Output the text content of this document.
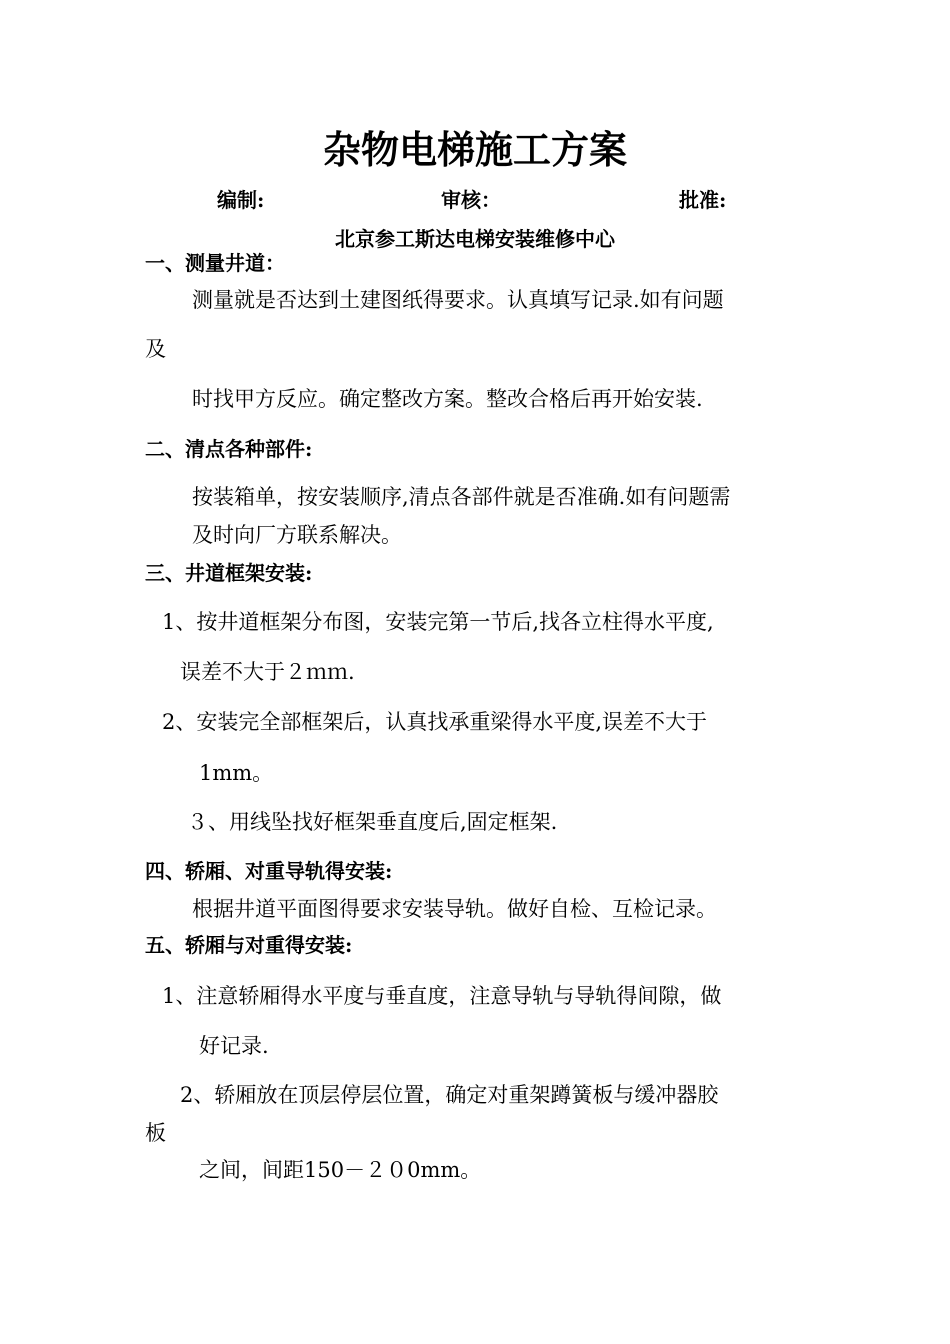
杂物电梯施工方案
编制:	审核：	批准:
北京参工斯达电梯安装维修中心
一、测量井道：

测量就是否达到土建图纸得要求。认真填写记录.如有问题

及

时找甲方反应。确定整改方案。整改合格后再开始安装.

二、清点各种部件:

按装箱单，按安装顺序,清点各部件就是否准确.如有问题需

及时向厂方联系解决。

三、井道框架安装:

1、按井道框架分布图，安装完第一节后,找各立柱得水平度,

误差不大于２ｍｍ.

2、安装完全部框架后，认真找承重梁得水平度,误差不大于

1mm。

３、用线坠找好框架垂直度后,固定框架.

四、轿厢、对重导轨得安装:

根据井道平面图得要求安装导轨。做好自检、互检记录。

五、轿厢与对重得安装:

1、注意轿厢得水平度与垂直度，注意导轨与导轨得间隙，做

好记录.

2、轿厢放在顶层停层位置，确定对重架蹲簧板与缓冲器胶

板

之间，间距150－２０0mm。
